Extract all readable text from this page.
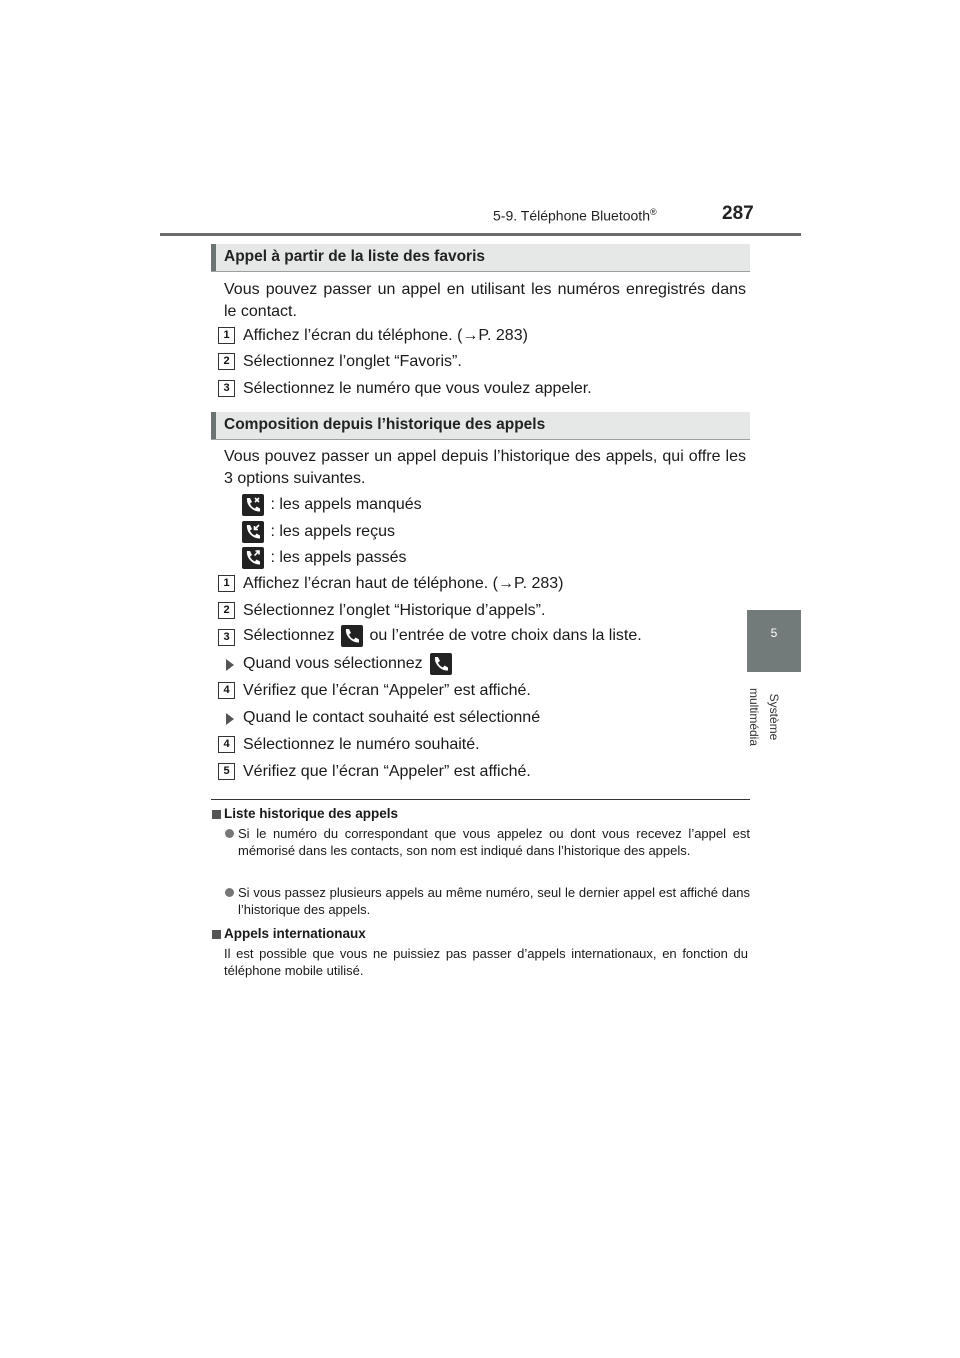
5-9. Téléphone Bluetooth®	287
5
Système multimédia
Appel à partir de la liste des favoris
Vous pouvez passer un appel en utilisant les numéros enregistrés dans le contact.
1 Affichez l’écran du téléphone. (→P. 283)
2 Sélectionnez l’onglet “Favoris”.
3 Sélectionnez le numéro que vous voulez appeler.
Composition depuis l’historique des appels
Vous pouvez passer un appel depuis l’historique des appels, qui offre les 3 options suivantes.
: les appels manqués
: les appels reçus
: les appels passés
1 Affichez l’écran haut de téléphone. (→P. 283)
2 Sélectionnez l’onglet “Historique d’appels”.
3 Sélectionnez ou l’entrée de votre choix dans la liste.
Quand vous sélectionnez
4 Vérifiez que l’écran “Appeler” est affiché.
Quand le contact souhaité est sélectionné
4 Sélectionnez le numéro souhaité.
5 Vérifiez que l’écran “Appeler” est affiché.
Liste historique des appels
Si le numéro du correspondant que vous appelez ou dont vous recevez l’appel est mémorisé dans les contacts, son nom est indiqué dans l’historique des appels.
Si vous passez plusieurs appels au même numéro, seul le dernier appel est affiché dans l’historique des appels.
Appels internationaux
Il est possible que vous ne puissiez pas passer d’appels internationaux, en fonction du téléphone mobile utilisé.
